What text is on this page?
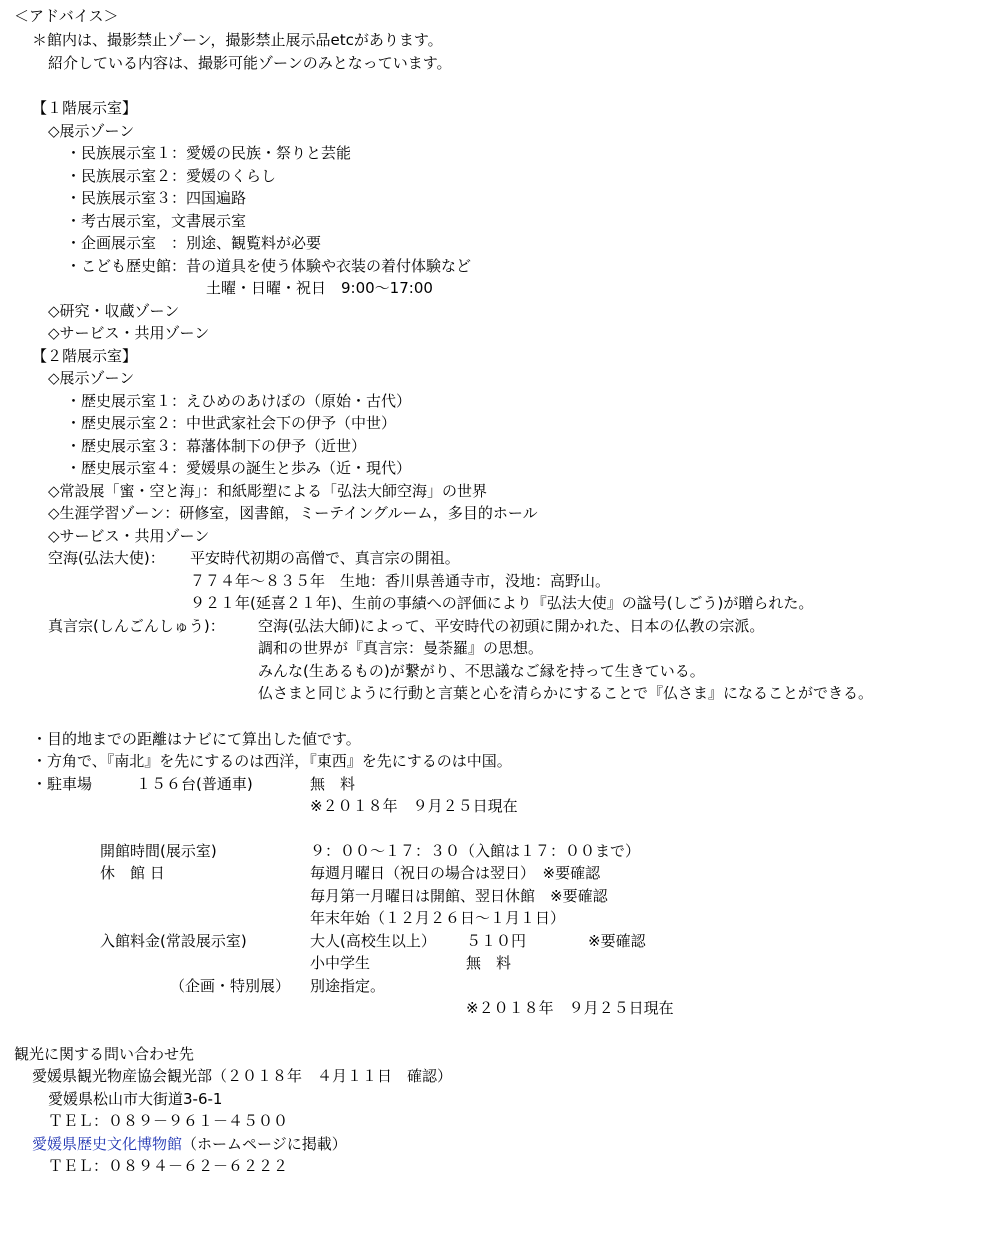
＜アドバイス＞
＊館内は、撮影禁止ゾーン，撮影禁止展示品etcがあります。
紹介している内容は、撮影可能ゾーンのみとなっています。
【１階展示室】
◇展示ゾーン
・民族展示室１：愛媛の民族・祭りと芸能
・民族展示室２：愛媛のくらし
・民族展示室３：四国遍路
・考古展示室，文書展示室
・企画展示室　：別途、観覧料が必要
・こども歴史館：昔の道具を使う体験や衣装の着付体験など
土曜・日曜・祝日　9:00～17:00
◇研究・収蔵ゾーン
◇サービス・共用ゾーン
【２階展示室】
◇展示ゾーン
・歴史展示室１：えひめのあけぼの（原始・古代）
・歴史展示室２：中世武家社会下の伊予（中世）
・歴史展示室３：幕藩体制下の伊予（近世）
・歴史展示室４：愛媛県の誕生と歩み（近・現代）
◇常設展「蜜・空と海」：和紙彫塑による「弘法大師空海」の世界
◇生涯学習ゾーン：研修室，図書館，ミーテイングルーム，多目的ホール
◇サービス・共用ゾーン
空海(弘法大使)： 平安時代初期の高僧で、真言宗の開祖。
７７４年～８３５年　生地：香川県善通寺市，没地：高野山。
９２１年(延喜２１年)、生前の事績への評価により『弘法大使』の諡号(しごう)が贈られた。
真言宗(しんごんしゅう)： 空海(弘法大師)によって、平安時代の初頭に開かれた、日本の仏教の宗派。
調和の世界が『真言宗：曼荼羅』の思想。
みんな(生あるもの)が繋がり、不思議なご縁を持って生きている。
仏さまと同じように行動と言葉と心を清らかにすることで『仏さま』になることができる。
・目的地までの距離はナビにて算出した値です。
・方角で、『南北』を先にするのは西洋，『東西』を先にするのは中国。
・駐車場	１５６台(普通車)	無　料
※２０１８年　９月２５日現在
開館時間(展示室)	９：００～１７：３０（入館は１７：００まで）
休　館 日	毎週月曜日（祝日の場合は翌日）　※要確認
毎月第一月曜日は開館、翌日休館　※要確認
年末年始（１２月２６日～１月１日）
入館料金(常設展示室)	大人(高校生以上） ５１０円	※要確認
小中学生	無　料
（企画・特別展） 別途指定。
※２０１８年　９月２５日現在
観光に関する問い合わせ先
愛媛県観光物産協会観光部（２０１８年　４月１１日　確認）
愛媛県松山市大街道3-6-1
ＴＥＬ：０８９－９６１－４５００
愛媛県歴史文化博物館（ホームページに掲載）
ＴＥＬ：０８９４－６２－６２２２
